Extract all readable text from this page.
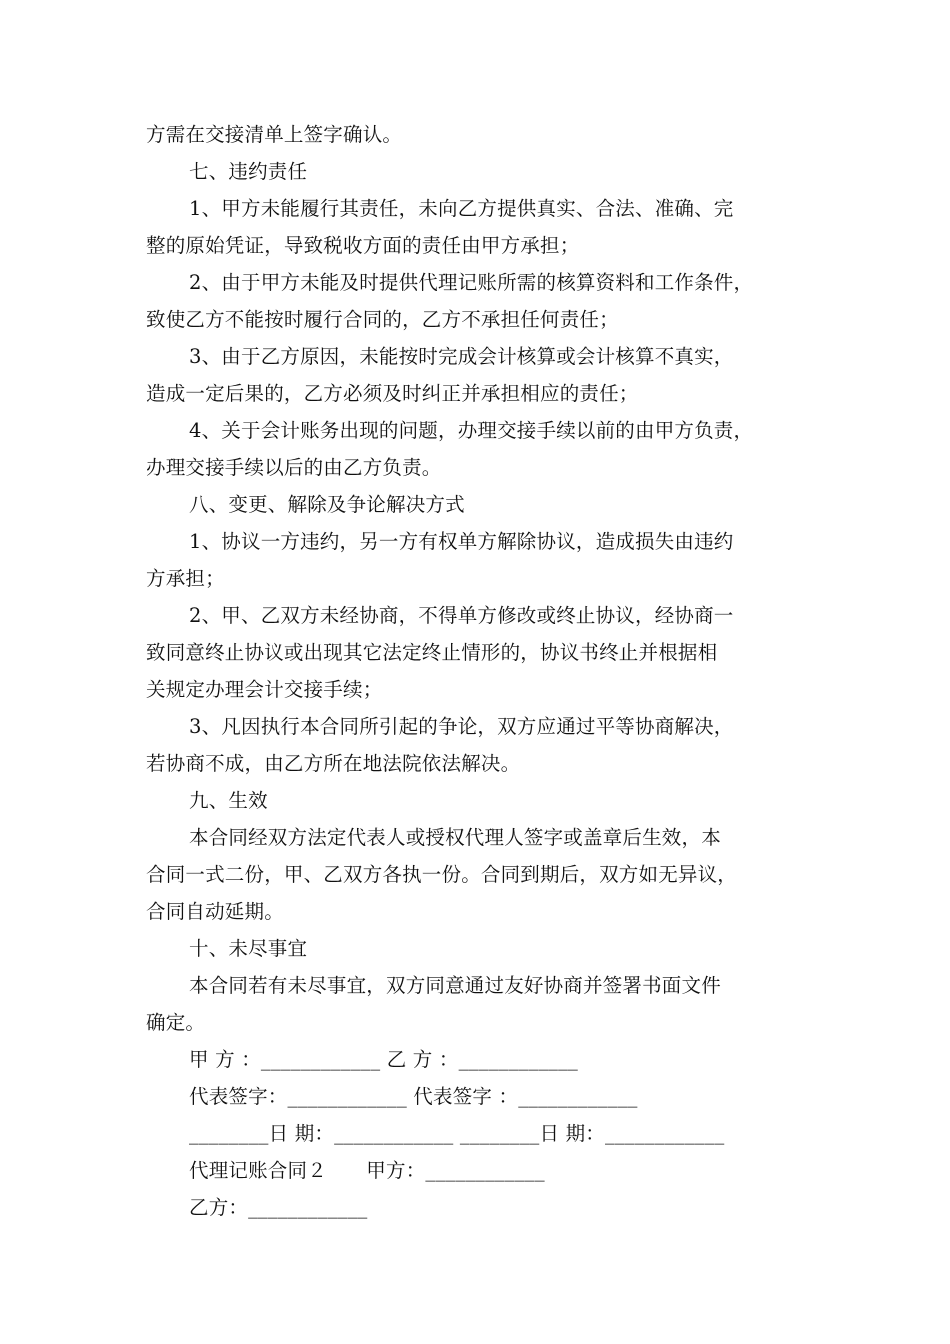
方需在交接清单上签字确认。
七、违约责任
1、甲方未能履行其责任，未向乙方提供真实、合法、准确、完
整的原始凭证，导致税收方面的责任由甲方承担；
2、由于甲方未能及时提供代理记账所需的核算资料和工作条件，
致使乙方不能按时履行合同的，乙方不承担任何责任；
3、由于乙方原因，未能按时完成会计核算或会计核算不真实，
造成一定后果的，乙方必须及时纠正并承担相应的责任；
4、关于会计账务出现的问题，办理交接手续以前的由甲方负责，
办理交接手续以后的由乙方负责。
八、变更、解除及争论解决方式
1、协议一方违约，另一方有权单方解除协议，造成损失由违约
方承担；
2、甲、乙双方未经协商，不得单方修改或终止协议，经协商一
致同意终止协议或出现其它法定终止情形的，协议书终止并根据相
关规定办理会计交接手续；
3、凡因执行本合同所引起的争论，双方应通过平等协商解决，
若协商不成，由乙方所在地法院依法解决。
九、生效
本合同经双方法定代表人或授权代理人签字或盖章后生效，本
合同一式二份，甲、乙双方各执一份。合同到期后，双方如无异议，
合同自动延期。
十、未尽事宜
本合同若有未尽事宜，双方同意通过友好协商并签署书面文件
确定。
甲 方 ：____________ 乙 方 ：____________
代表签字：____________ 代表签字 ：____________
________日 期：____________ ________日 期：____________
代理记账合同２　　甲方：____________
乙方：____________
